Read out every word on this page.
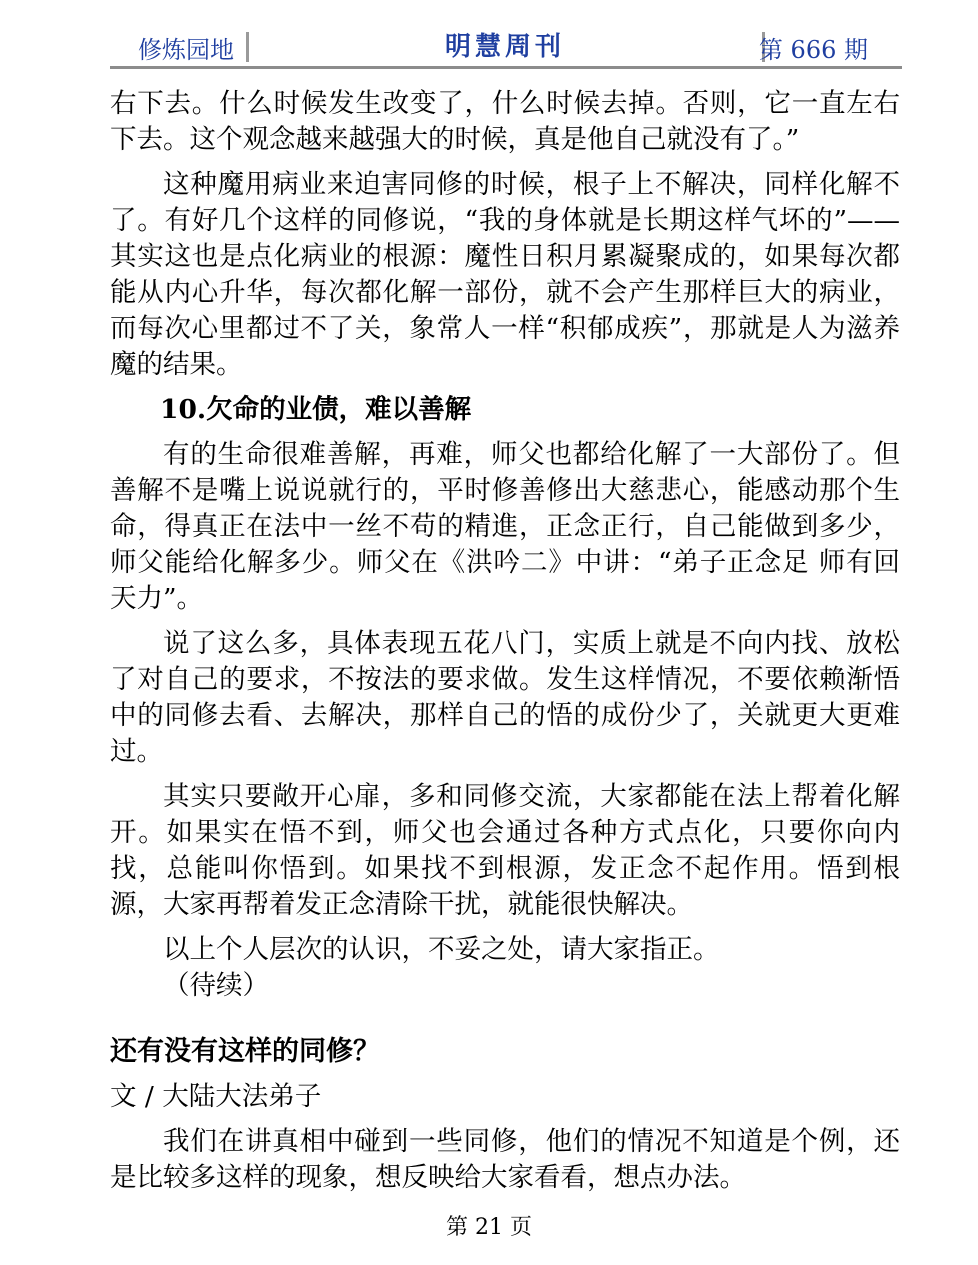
修炼园地	明慧周刊	第 666 期

右下去。什么时候发生改变了，什么时候去掉。否则，它一直左右下去。这个观念越来越强大的时候，真是他自己就没有了。”

这种魔用病业来迫害同修的时候，根子上不解决，同样化解不了。有好几个这样的同修说，“我的身体就是长期这样气坏的”——其实这也是点化病业的根源：魔性日积月累凝聚成的，如果每次都能从内心升华，每次都化解一部份，就不会产生那样巨大的病业，而每次心里都过不了关，象常人一样“积郁成疾”，那就是人为滋养魔的结果。

10.欠命的业债，难以善解

有的生命很难善解，再难，师父也都给化解了一大部份了。但善解不是嘴上说说就行的，平时修善修出大慈悲心，能感动那个生命，得真正在法中一丝不苟的精進，正念正行，自己能做到多少，师父能给化解多少。师父在《洪吟二》中讲：“弟子正念足 师有回天力”。

说了这么多，具体表现五花八门，实质上就是不向内找、放松了对自己的要求，不按法的要求做。发生这样情况，不要依赖渐悟中的同修去看、去解决，那样自己的悟的成份少了，关就更大更难过。

其实只要敞开心扉，多和同修交流，大家都能在法上帮着化解开。如果实在悟不到，师父也会通过各种方式点化，只要你向内找，总能叫你悟到。如果找不到根源，发正念不起作用。悟到根源，大家再帮着发正念清除干扰，就能很快解决。

以上个人层次的认识，不妥之处，请大家指正。

（待续）

还有没有这样的同修？

文 / 大陆大法弟子

我们在讲真相中碰到一些同修，他们的情况不知道是个例，还是比较多这样的现象，想反映给大家看看，想点办法。

第 21 页
